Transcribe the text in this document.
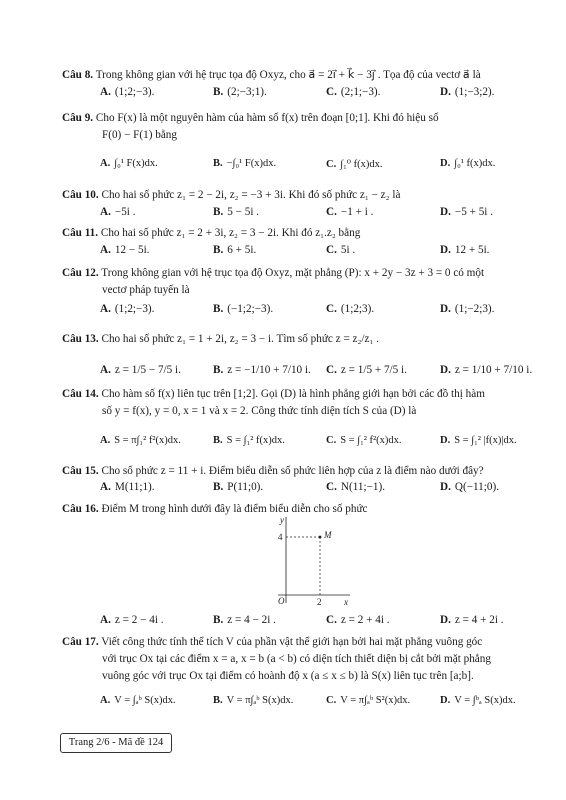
Câu 8. Trong không gian với hệ trục tọa độ Oxyz, cho a⃗ = 2i⃗ + k⃗ − 3j⃗ . Tọa độ của vectơ a⃗ là
A. (1;2;−3).	B. (2;−3;1).	C. (2;1;−3).	D. (1;−3;2).
Câu 9. Cho F(x) là một nguyên hàm của hàm số f(x) trên đoạn [0;1]. Khi đó hiệu số
F(0) − F(1) bằng
A. ∫₀¹ F(x)dx.	B. −∫₀¹ F(x)dx.	C. ∫₁⁰ f(x)dx.	D. ∫₀¹ f(x)dx.
Câu 10. Cho hai số phức z₁ = 2 − 2i, z₂ = −3 + 3i. Khi đó số phức z₁ − z₂ là
A. −5i .	B. 5 − 5i .	C. −1 + i .	D. −5 + 5i .
Câu 11. Cho hai số phức z₁ = 2 + 3i, z₂ = 3 − 2i. Khi đó z₁.z₂ bằng
A. 12 − 5i.	B. 6 + 5i.	C. 5i .	D. 12 + 5i.
Câu 12. Trong không gian với hệ trục tọa độ Oxyz, mặt phẳng (P): x + 2y − 3z + 3 = 0 có một
vectơ pháp tuyến là
A. (1;2;−3).	B. (−1;2;−3).	C. (1;2;3).	D. (1;−2;3).
Câu 13. Cho hai số phức z₁ = 1 + 2i, z₂ = 3 − i. Tìm số phức z = z₂/z₁ .
A. z = 1/5 − 7/5 i.	B. z = −1/10 + 7/10 i. C. z = 1/5 + 7/5 i.	D. z = 1/10 + 7/10 i.
Câu 14. Cho hàm số f(x) liên tục trên [1;2]. Gọi (D) là hình phẳng giới hạn bởi các đồ thị hàm
số y = f(x), y = 0, x = 1 và x = 2. Công thức tính diện tích S của (D) là
A. S = π∫₁² f²(x)dx.	B. S = ∫₁² f(x)dx.	C. S = ∫₁² f²(x)dx.	D. S = ∫₁² |f(x)|dx.
Câu 15. Cho số phức z = 11 + i. Điểm biểu diễn số phức liên hợp của z là điểm nào dưới đây?
A. M(11;1).	B. P(11;0).	C. N(11;−1).	D. Q(−11;0).
Câu 16. Điểm M trong hình dưới đây là điểm biểu diễn cho số phức
y
x
O
M
2
4
A. z = 2 − 4i .	B. z = 4 − 2i .	C. z = 2 + 4i .	D. z = 4 + 2i .
Câu 17. Viết công thức tính thể tích V của phần vật thể giới hạn bởi hai mặt phẳng vuông góc
với trục Ox tại các điểm x = a, x = b (a < b) có diện tích thiết diện bị cắt bởi mặt phẳng
vuông góc với trục Ox tại điểm có hoành độ x (a ≤ x ≤ b) là S(x) liên tục trên [a;b].
A. V = ∫ₐᵇ S(x)dx.	B. V = π∫ₐᵇ S(x)dx.	C. V = π∫ₐᵇ S²(x)dx.	D. V = ∫ᵇₐ S(x)dx.
Trang 2/6 - Mã đề 124
